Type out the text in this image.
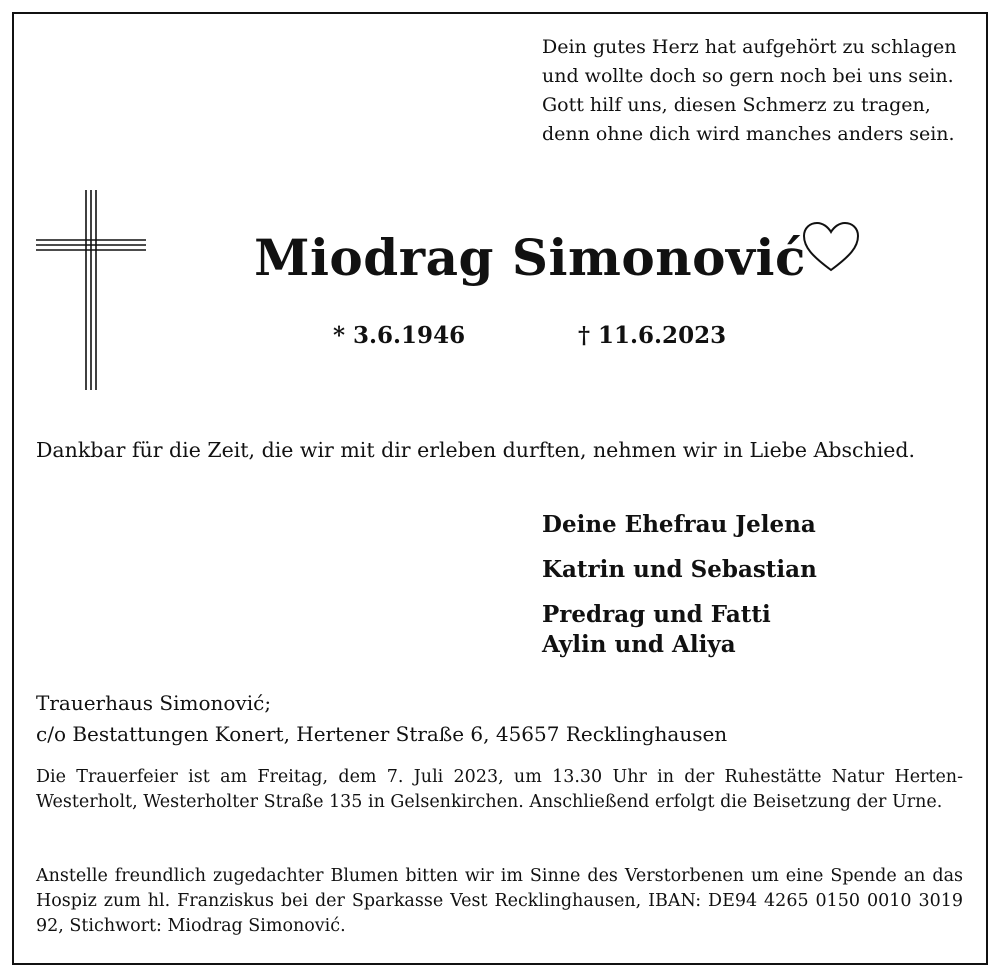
Dein gutes Herz hat aufgehört zu schlagen
und wollte doch so gern noch bei uns sein.
Gott hilf uns, diesen Schmerz zu tragen,
denn ohne dich wird manches anders sein.
Miodrag Simonović
* 3.6.1946	† 11.6.2023
Dankbar für die Zeit, die wir mit dir erleben durften, nehmen wir in Liebe Abschied.
Deine Ehefrau Jelena
Katrin und Sebastian
Predrag und Fatti
Aylin und Aliya
Trauerhaus Simonović;
c/o Bestattungen Konert, Hertener Straße 6, 45657 Recklinghausen
Die Trauerfeier ist am Freitag, dem 7. Juli 2023, um 13.30 Uhr in der Ruhestätte Natur Herten-Westerholt, Westerholter Straße 135 in Gelsenkirchen. Anschließend erfolgt die Beisetzung der Urne.
Anstelle freundlich zugedachter Blumen bitten wir im Sinne des Verstorbenen um eine Spende an das Hospiz zum hl. Franziskus bei der Sparkasse Vest Recklinghausen, IBAN: DE94 4265 0150 0010 3019 92, Stichwort: Miodrag Simonović.
